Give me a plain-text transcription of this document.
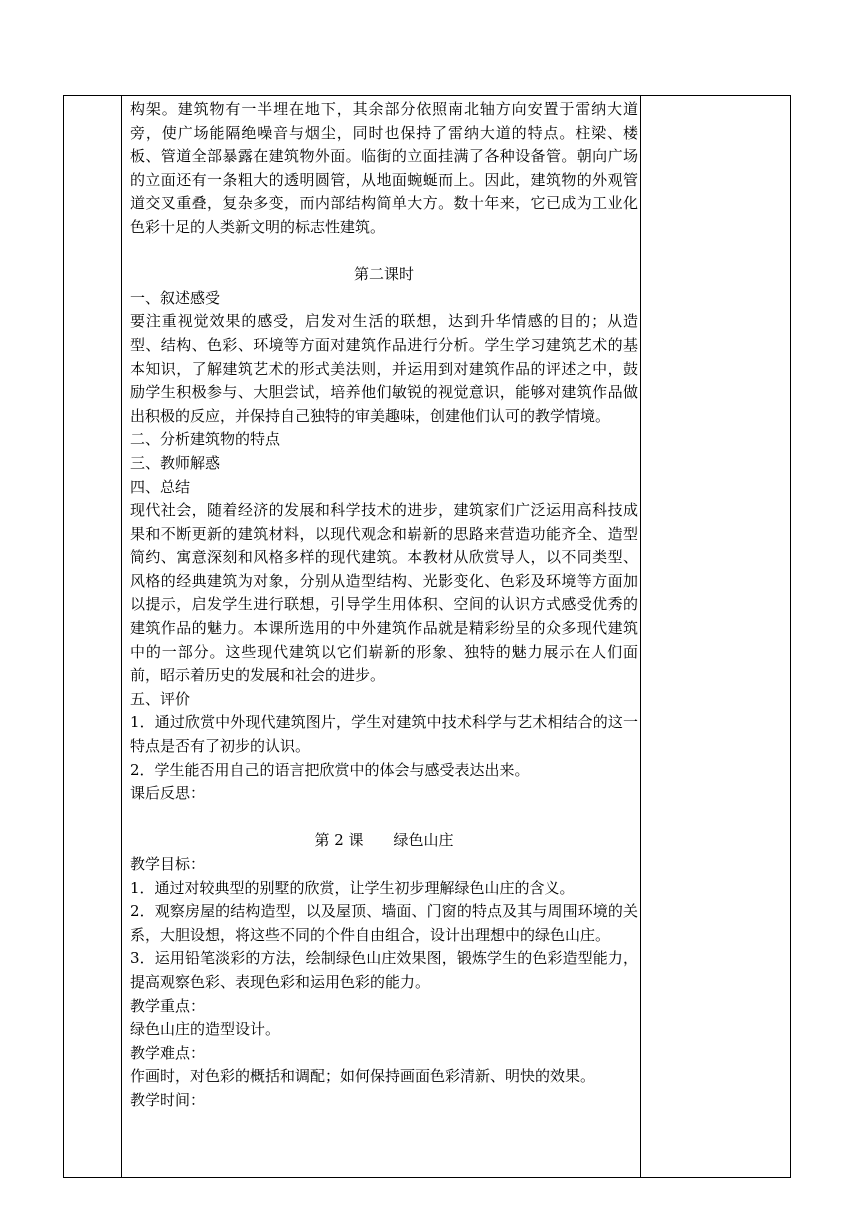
构架。建筑物有一半埋在地下，其余部分依照南北轴方向安置于雷纳大道旁，使广场能隔绝噪音与烟尘，同时也保持了雷纳大道的特点。柱梁、楼板、管道全部暴露在建筑物外面。临街的立面挂满了各种设备管。朝向广场的立面还有一条粗大的透明圆管，从地面蜿蜒而上。因此，建筑物的外观管道交叉重叠，复杂多变，而内部结构简单大方。数十年来，它已成为工业化色彩十足的人类新文明的标志性建筑。

第二课时

一、叙述感受

要注重视觉效果的感受，启发对生活的联想，达到升华情感的目的；从造型、结构、色彩、环境等方面对建筑作品进行分析。学生学习建筑艺术的基本知识，了解建筑艺术的形式美法则，并运用到对建筑作品的评述之中，鼓励学生积极参与、大胆尝试，培养他们敏锐的视觉意识，能够对建筑作品做出积极的反应，并保持自己独特的审美趣味，创建他们认可的教学情境。

二、分析建筑物的特点

三、教师解惑

四、总结

现代社会，随着经济的发展和科学技术的进步，建筑家们广泛运用高科技成果和不断更新的建筑材料，以现代观念和崭新的思路来营造功能齐全、造型简约、寓意深刻和风格多样的现代建筑。本教材从欣赏导人，以不同类型、风格的经典建筑为对象，分别从造型结构、光影变化、色彩及环境等方面加以提示，启发学生进行联想，引导学生用体积、空间的认识方式感受优秀的建筑作品的魅力。本课所选用的中外建筑作品就是精彩纷呈的众多现代建筑中的一部分。这些现代建筑以它们崭新的形象、独特的魅力展示在人们面前，昭示着历史的发展和社会的进步。

五、评价

1．通过欣赏中外现代建筑图片，学生对建筑中技术科学与艺术相结合的这一特点是否有了初步的认识。

2．学生能否用自己的语言把欣赏中的体会与感受表达出来。

课后反思：

第 2 课 绿色山庄

教学目标：

1．通过对较典型的别墅的欣赏，让学生初步理解绿色山庄的含义。

2．观察房屋的结构造型，以及屋顶、墙面、门窗的特点及其与周围环境的关系，大胆设想，将这些不同的个件自由组合，设计出理想中的绿色山庄。

3．运用铅笔淡彩的方法，绘制绿色山庄效果图，锻炼学生的色彩造型能力，提高观察色彩、表现色彩和运用色彩的能力。

教学重点：

绿色山庄的造型设计。

教学难点：

作画时，对色彩的概括和调配；如何保持画面色彩清新、明快的效果。

教学时间：
